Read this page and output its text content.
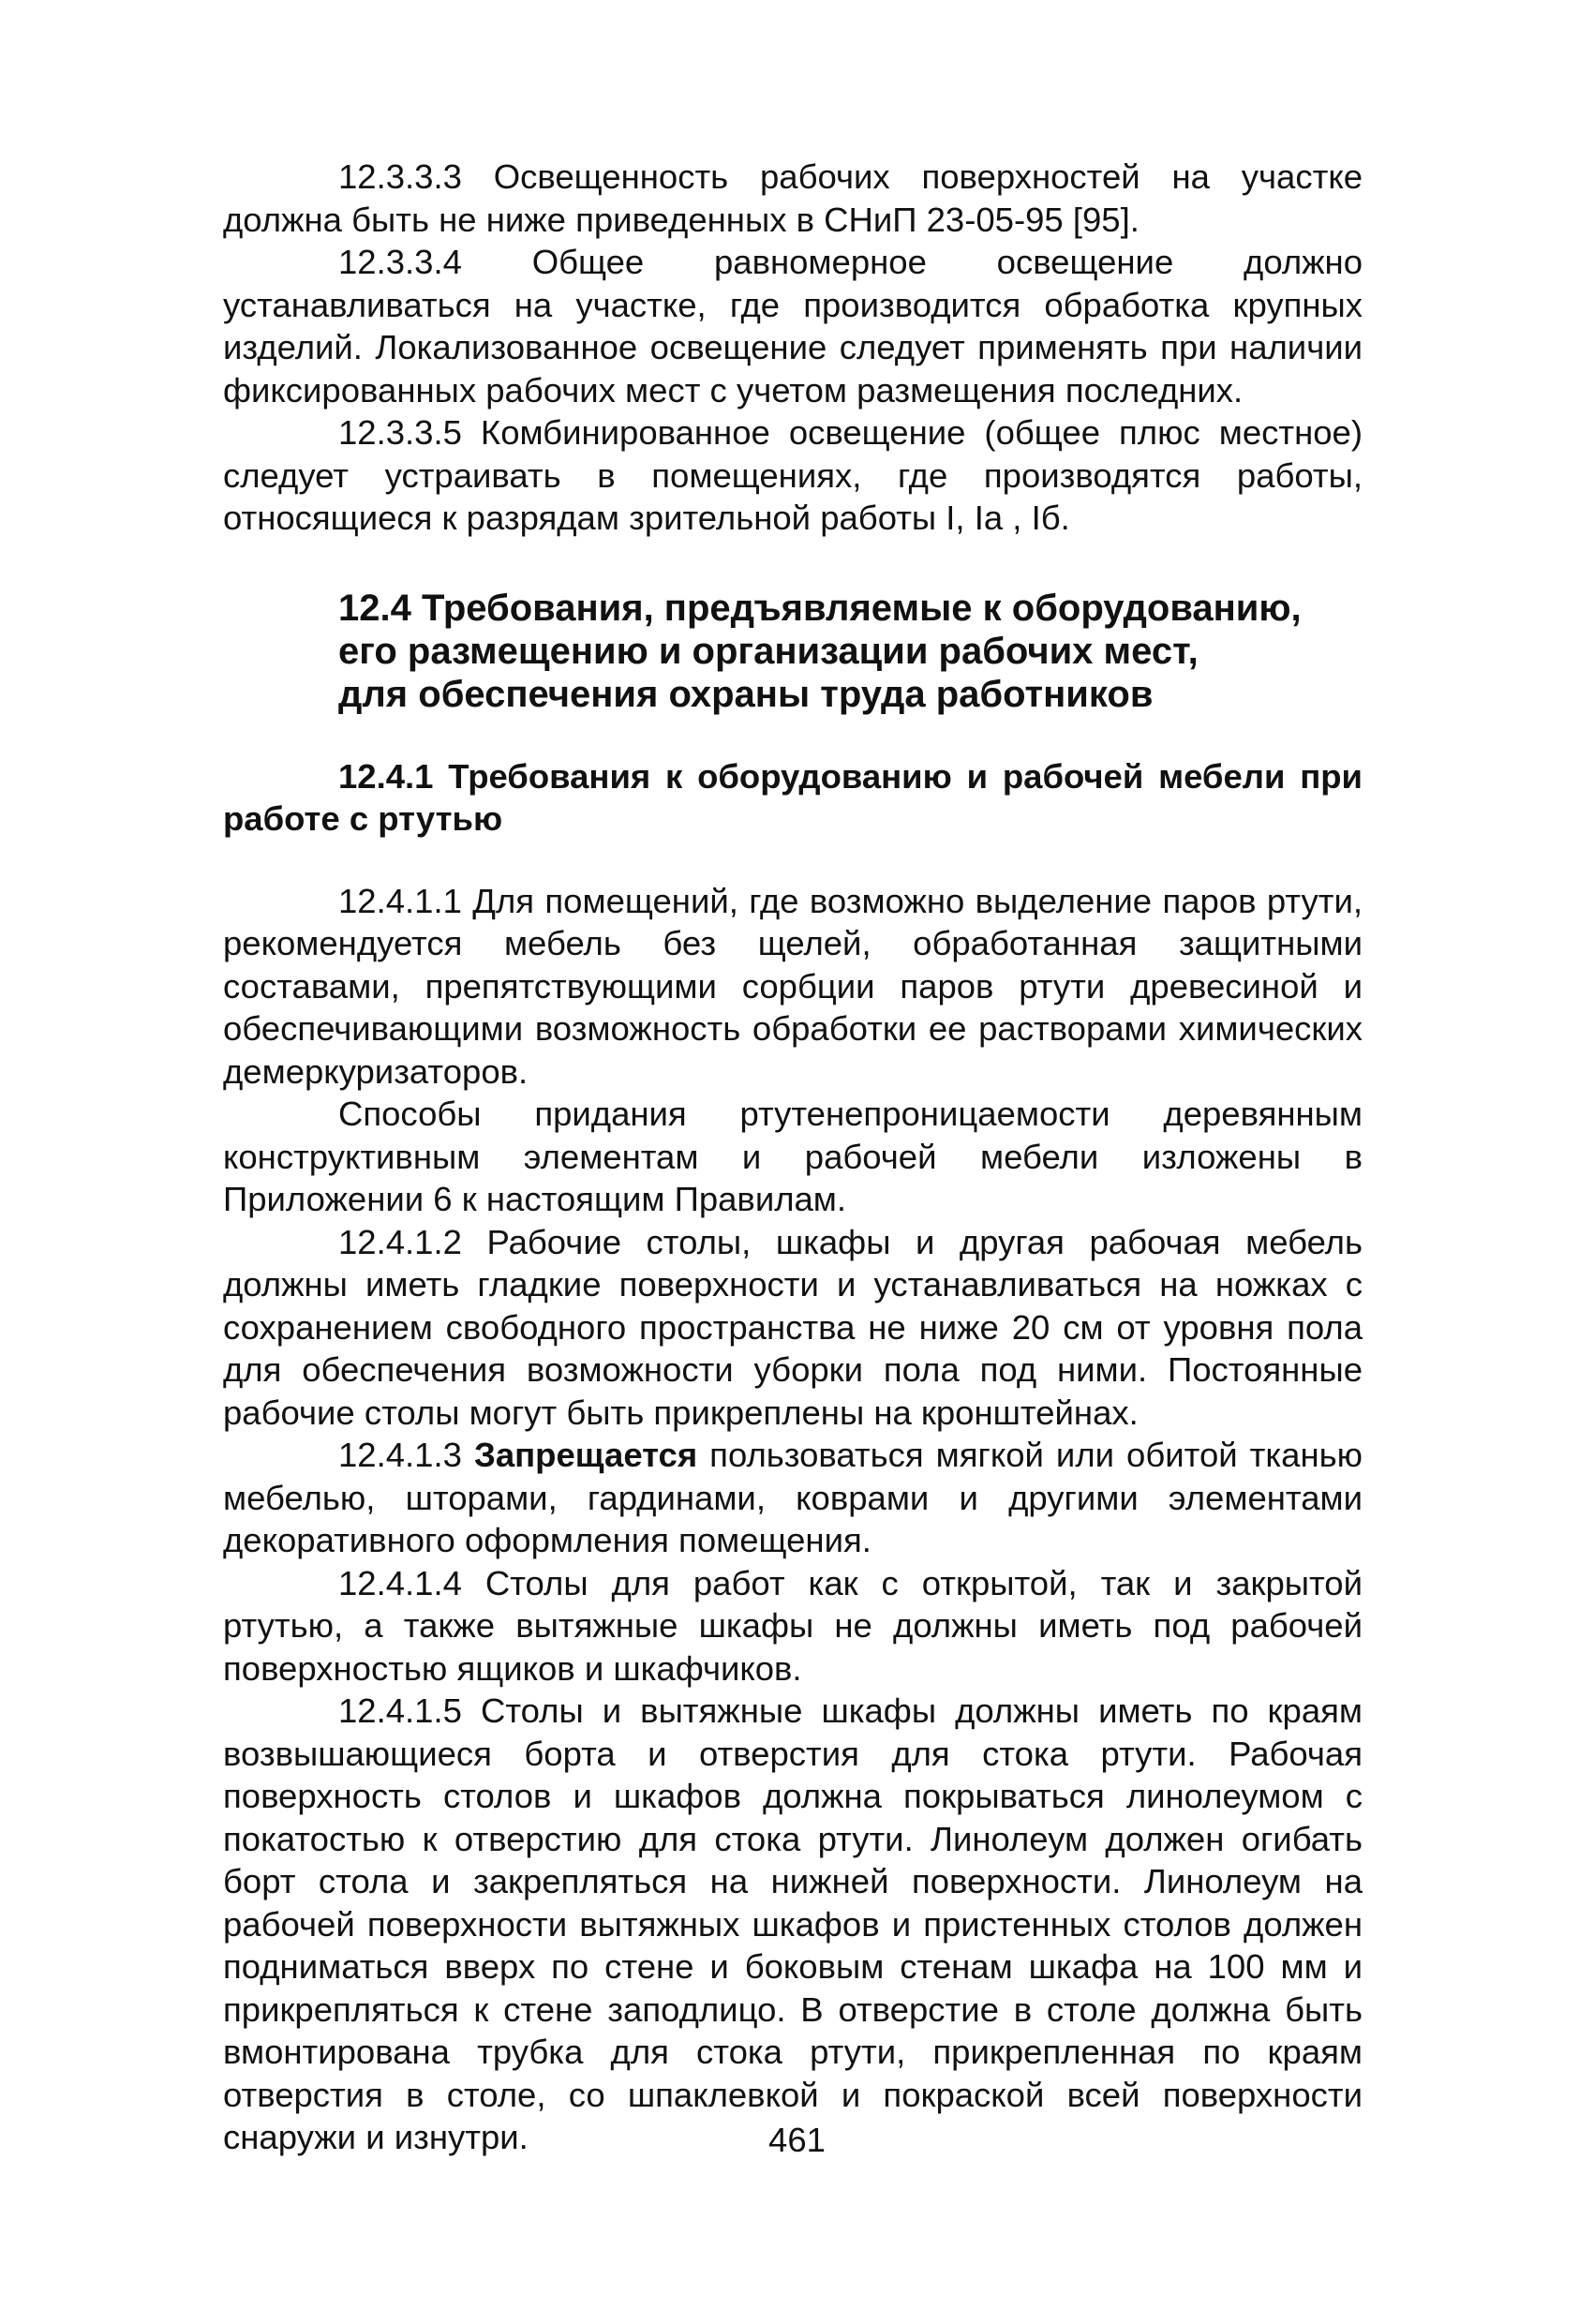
12.3.3.3 Освещенность рабочих поверхностей на участке должна быть не ниже приведенных в СНиП 23-05-95 [95].

12.3.3.4 Общее равномерное освещение должно устанавливаться на участке, где производится обработка крупных изделий. Локализованное освещение следует применять при наличии фиксированных рабочих мест с учетом размещения последних.

12.3.3.5 Комбинированное освещение (общее плюс местное) следует устраивать в помещениях, где производятся работы, относящиеся к разрядам зрительной работы I, Iа , Iб.

12.4 Требования, предъявляемые к оборудованию,
его размещению и организации рабочих мест,
для обеспечения охраны труда работников

12.4.1 Требования к оборудованию и рабочей мебели при работе с ртутью

12.4.1.1 Для помещений, где возможно выделение паров ртути, рекомендуется мебель без щелей, обработанная защитными составами, препятствующими сорбции паров ртути древесиной и обеспечивающими возможность обработки ее растворами химических демеркуризаторов.

Способы придания ртутенепроницаемости деревянным конструктивным элементам и рабочей мебели изложены в Приложении 6 к настоящим Правилам.

12.4.1.2 Рабочие столы, шкафы и другая рабочая мебель должны иметь гладкие поверхности и устанавливаться на ножках с сохранением свободного пространства не ниже 20 см от уровня пола для обеспечения возможности уборки пола под ними. Постоянные рабочие столы могут быть прикреплены на кронштейнах.

12.4.1.3 Запрещается пользоваться мягкой или обитой тканью мебелью, шторами, гардинами, коврами и другими элементами декоративного оформления помещения.

12.4.1.4 Столы для работ как с открытой, так и закрытой ртутью, а также вытяжные шкафы не должны иметь под рабочей поверхностью ящиков и шкафчиков.

12.4.1.5 Столы и вытяжные шкафы должны иметь по краям возвышающиеся борта и отверстия для стока ртути. Рабочая поверхность столов и шкафов должна покрываться линолеумом с покатостью к отверстию для стока ртути. Линолеум должен огибать борт стола и закрепляться на нижней поверхности. Линолеум на рабочей поверхности вытяжных шкафов и пристенных столов должен подниматься вверх по стене и боковым стенам шкафа на 100 мм и прикрепляться к стене заподлицо. В отверстие в столе должна быть вмонтирована трубка для стока ртути, прикрепленная по краям отверстия в столе, со шпаклевкой и покраской всей поверхности снаружи и изнутри.	461
